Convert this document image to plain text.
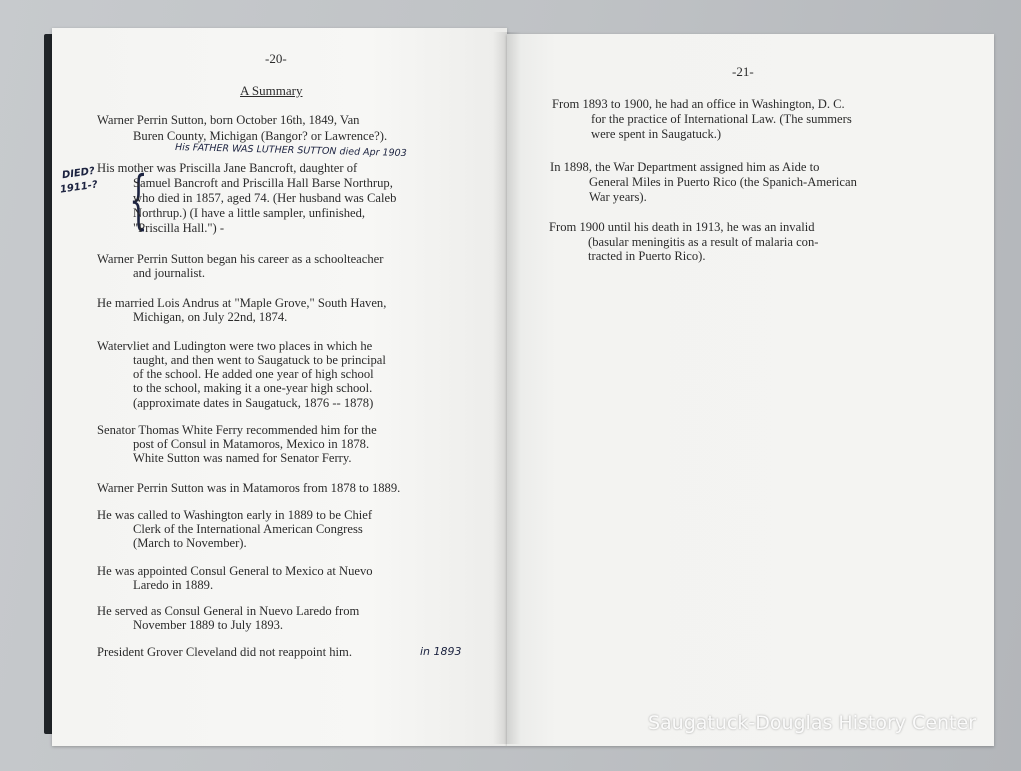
-20-
A Summary
Warner Perrin Sutton, born October 16th, 1849, Van
Buren County, Michigan (Bangor? or Lawrence?).
His FATHER WAS LUTHER SUTTON died Apr 1903
DIED?
1911-? {
His mother was Priscilla Jane Bancroft, daughter of
Samuel Bancroft and Priscilla Hall Barse Northrup,
who died in 1857, aged 74. (Her husband was Caleb
Northrup.) (I have a little sampler, unfinished,
"Priscilla Hall.") -
Warner Perrin Sutton began his career as a schoolteacher
and journalist.
He married Lois Andrus at "Maple Grove," South Haven,
Michigan, on July 22nd, 1874.
Watervliet and Ludington were two places in which he
taught, and then went to Saugatuck to be principal
of the school. He added one year of high school
to the school, making it a one-year high school.
(approximate dates in Saugatuck, 1876 -- 1878)
Senator Thomas White Ferry recommended him for the
post of Consul in Matamoros, Mexico in 1878.
White Sutton was named for Senator Ferry.
Warner Perrin Sutton was in Matamoros from 1878 to 1889.
He was called to Washington early in 1889 to be Chief
Clerk of the International American Congress
(March to November).
He was appointed Consul General to Mexico at Nuevo
Laredo in 1889.
He served as Consul General in Nuevo Laredo from
November 1889 to July 1893.
President Grover Cleveland did not reappoint him.	in 1893
-21-
From 1893 to 1900, he had an office in Washington, D. C.
for the practice of International Law. (The summers
were spent in Saugatuck.)
In 1898, the War Department assigned him as Aide to
General Miles in Puerto Rico (the Spanich-American
War years).
From 1900 until his death in 1913, he was an invalid
(basular meningitis as a result of malaria con-
tracted in Puerto Rico).
Saugatuck-Douglas History Center
